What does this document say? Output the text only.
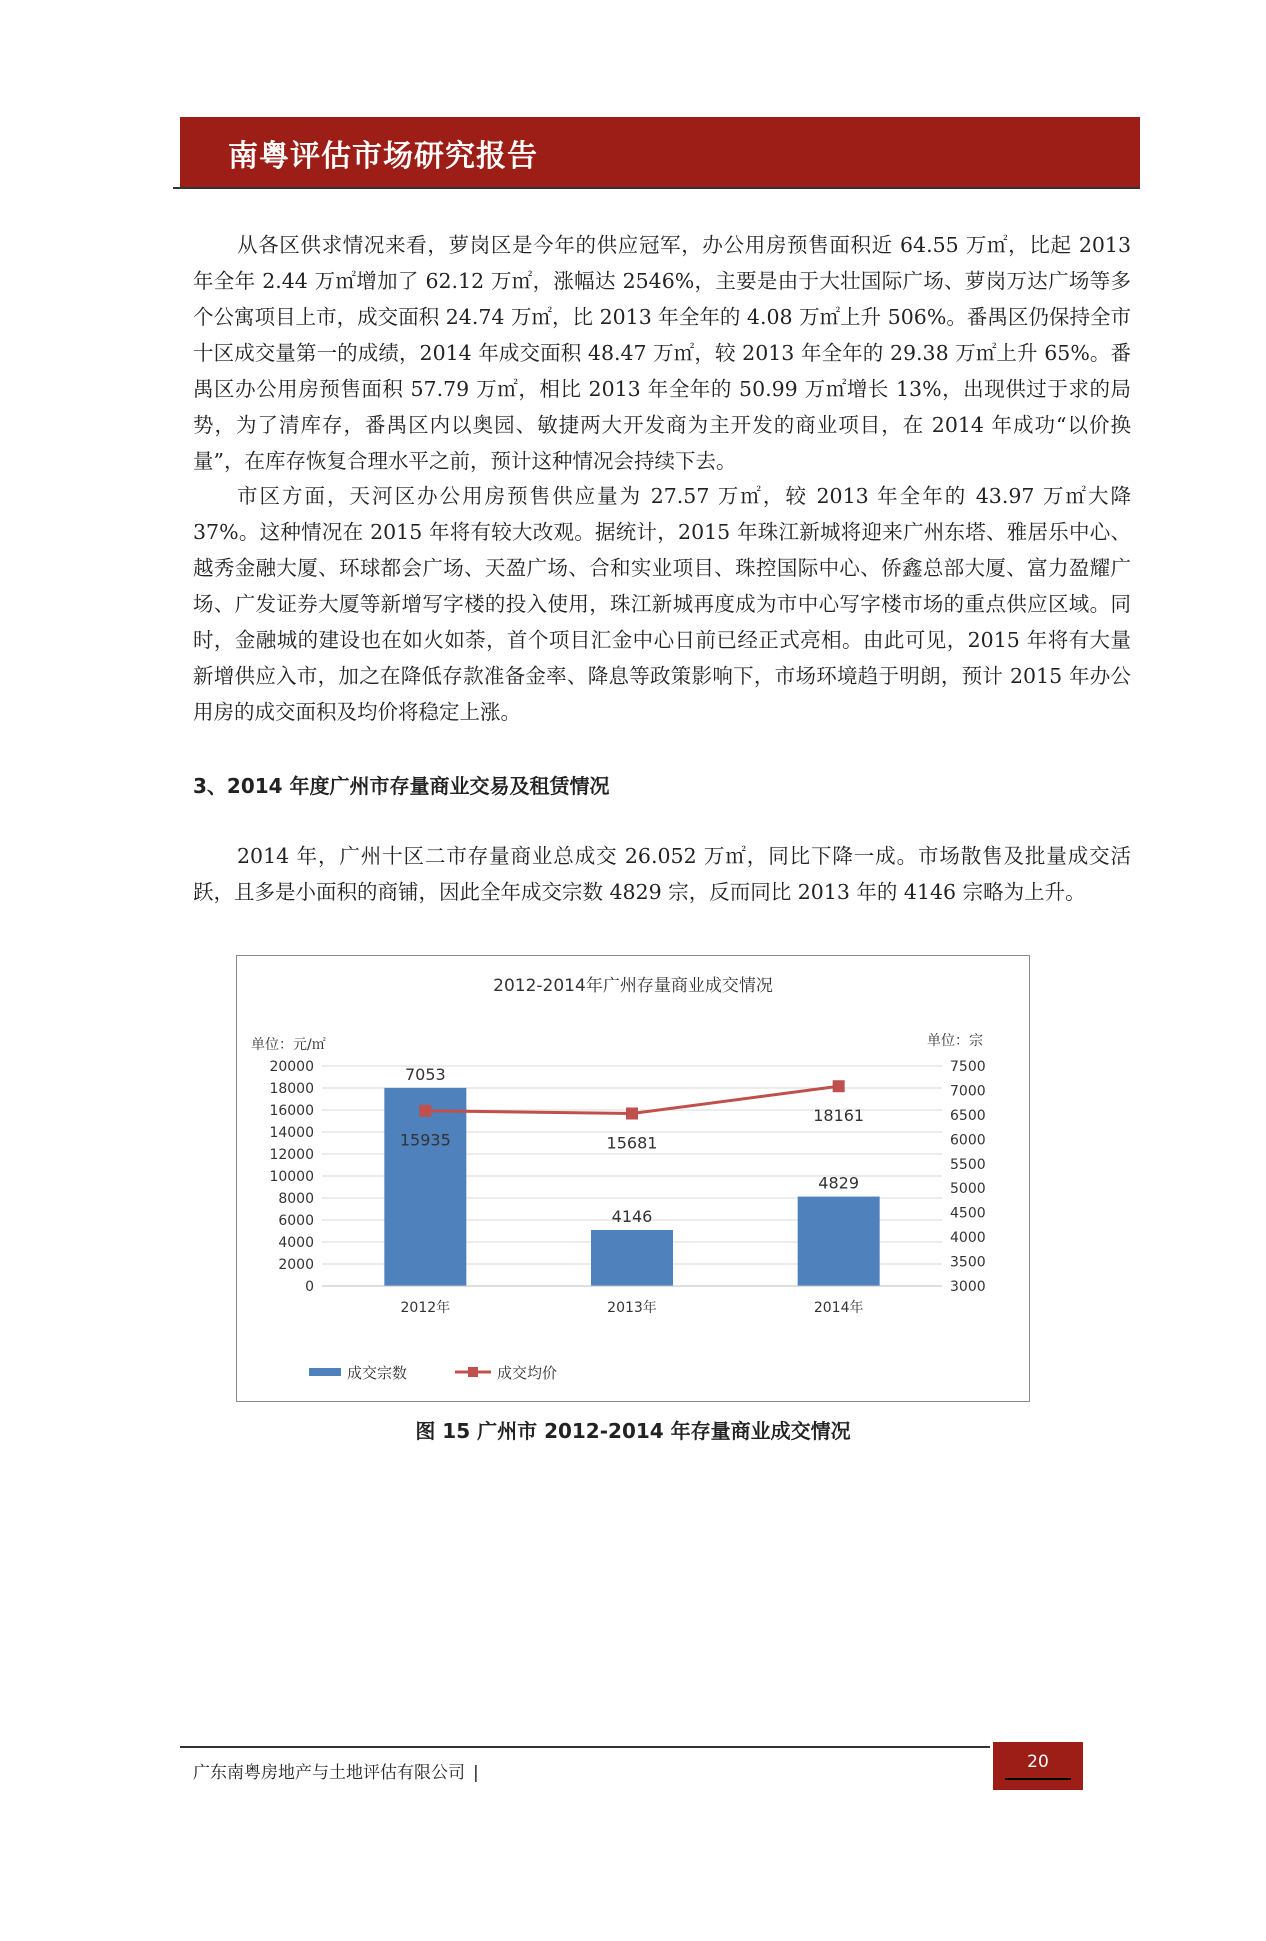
南粤评估市场研究报告

从各区供求情况来看，萝岗区是今年的供应冠军，办公用房预售面积近 64.55 万㎡，比起 2013 年全年 2.44 万㎡增加了 62.12 万㎡，涨幅达 2546%，主要是由于大壮国际广场、萝岗万达广场等多个公寓项目上市，成交面积 24.74 万㎡，比 2013 年全年的 4.08 万㎡上升 506%。番禺区仍保持全市十区成交量第一的成绩，2014 年成交面积 48.47 万㎡，较 2013 年全年的 29.38 万㎡上升 65%。番禺区办公用房预售面积 57.79 万㎡，相比 2013 年全年的 50.99 万㎡增长 13%，出现供过于求的局势，为了清库存，番禺区内以奥园、敏捷两大开发商为主开发的商业项目，在 2014 年成功“以价换量”，在库存恢复合理水平之前，预计这种情况会持续下去。

市区方面，天河区办公用房预售供应量为 27.57 万㎡，较 2013 年全年的 43.97 万㎡大降 37%。这种情况在 2015 年将有较大改观。据统计，2015 年珠江新城将迎来广州东塔、雅居乐中心、越秀金融大厦、环球都会广场、天盈广场、合和实业项目、珠控国际中心、侨鑫总部大厦、富力盈耀广场、广发证券大厦等新增写字楼的投入使用，珠江新城再度成为市中心写字楼市场的重点供应区域。同时，金融城的建设也在如火如荼，首个项目汇金中心日前已经正式亮相。由此可见，2015 年将有大量新增供应入市，加之在降低存款准备金率、降息等政策影响下，市场环境趋于明朗，预计 2015 年办公用房的成交面积及均价将稳定上涨。

3、2014 年度广州市存量商业交易及租赁情况

2014 年，广州十区二市存量商业总成交 26.052 万㎡，同比下降一成。市场散售及批量成交活跃，且多是小面积的商铺，因此全年成交宗数 4829 宗，反而同比 2013 年的 4146 宗略为上升。

7053
4146
4829
15935	15681
18161
0
2000
4000
6000
8000
10000
12000
14000
16000
18000
20000
3000
3500
4000
4500
5000
5500
6000
6500
7000
7500
2012年	2013年	2014年
成交宗数	成交均价
2012-2014年广州存量商业成交情况
单位：元/㎡	单位：宗
图 15 广州市 2012-2014 年存量商业成交情况
广东南粤房地产与土地评估有限公司 |
20
